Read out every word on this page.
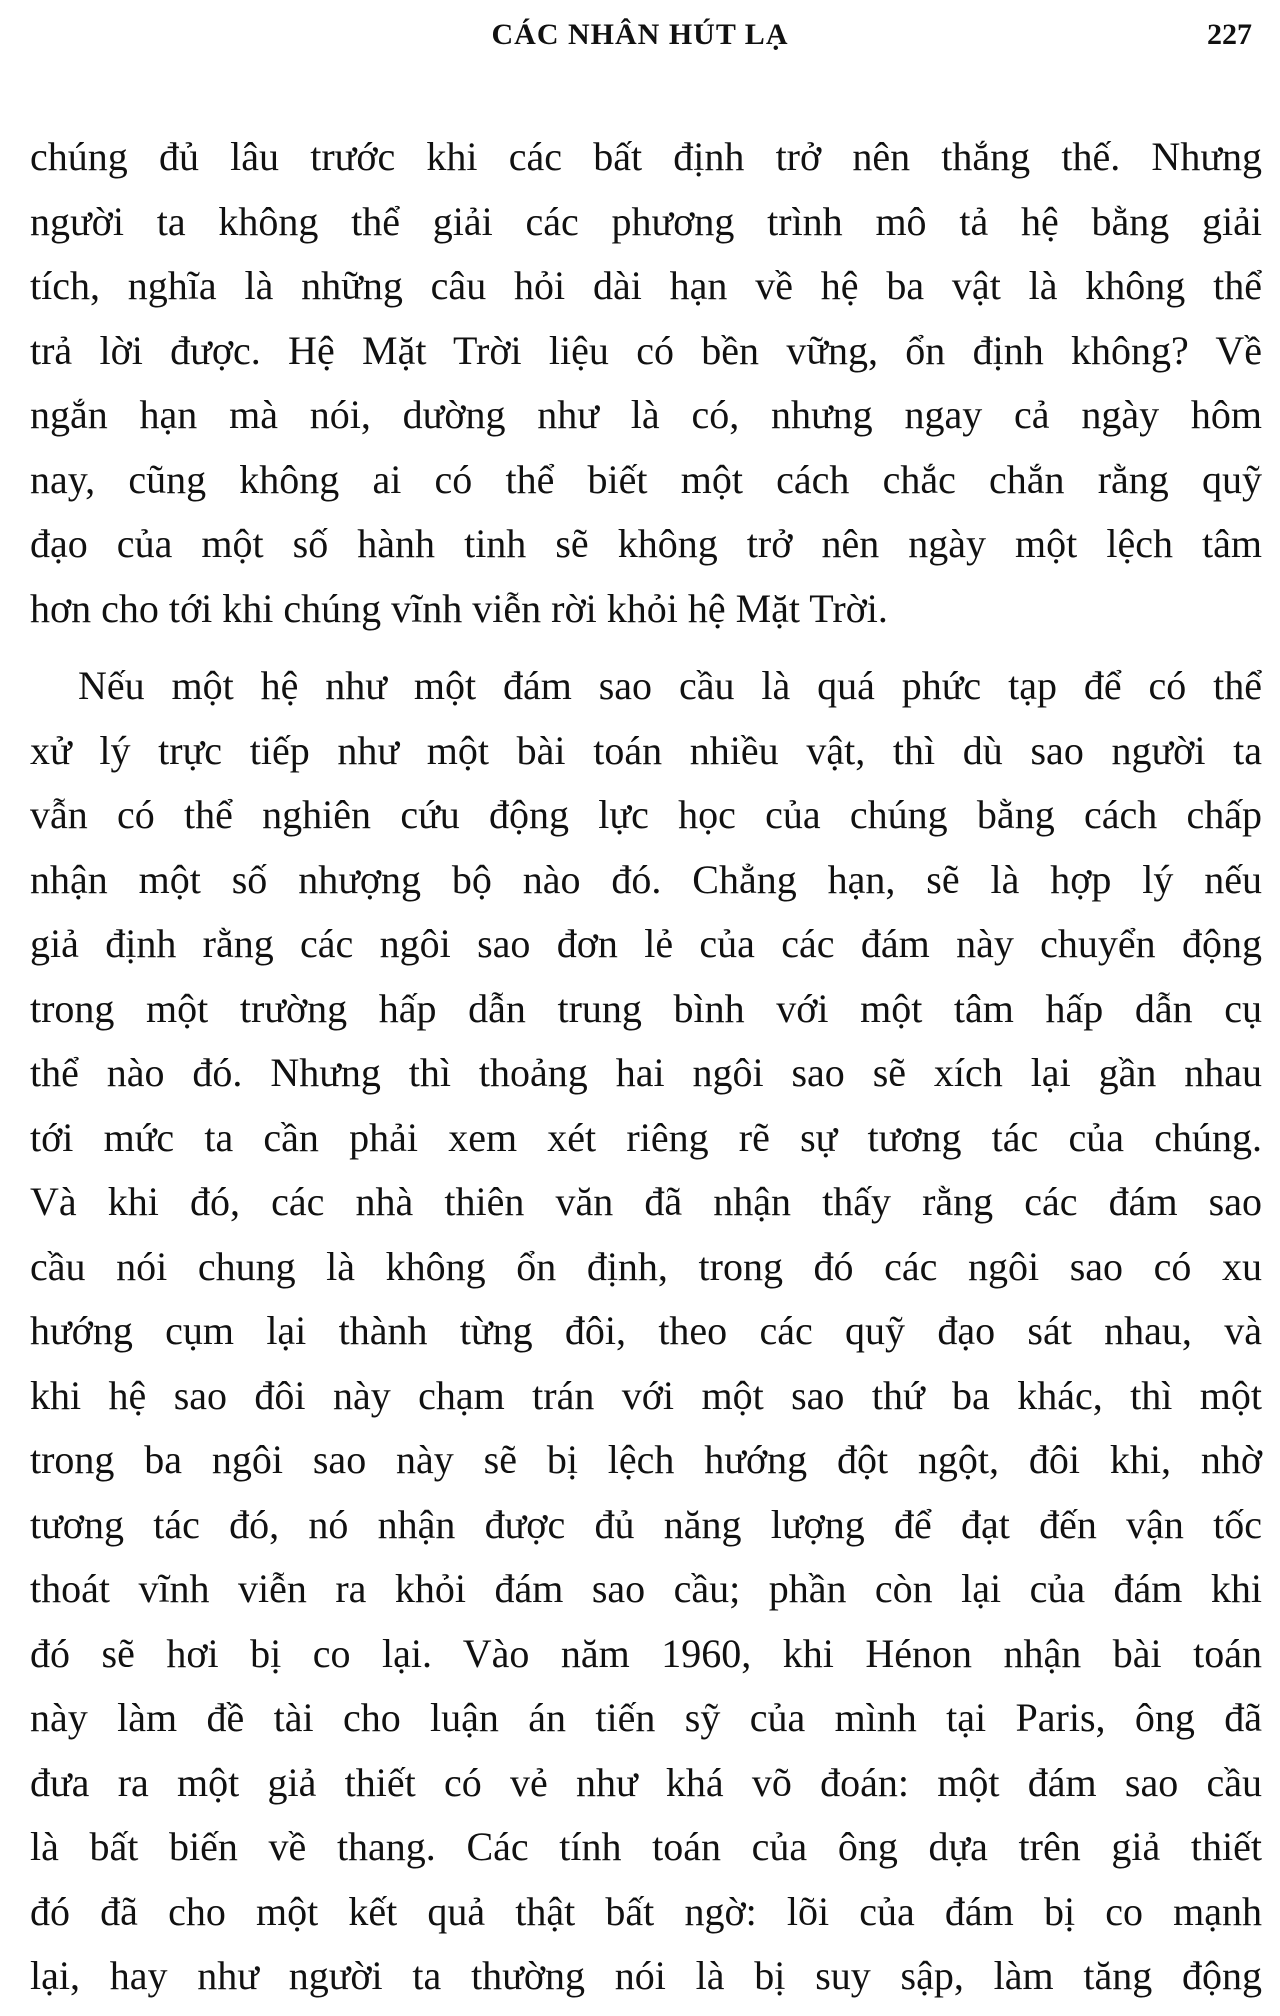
CÁC NHÂN HÚT LẠ	227
chúng đủ lâu trước khi các bất định trở nên thắng thế. Nhưng
người ta không thể giải các phương trình mô tả hệ bằng giải
tích, nghĩa là những câu hỏi dài hạn về hệ ba vật là không thể
trả lời được. Hệ Mặt Trời liệu có bền vững, ổn định không? Về
ngắn hạn mà nói, dường như là có, nhưng ngay cả ngày hôm
nay, cũng không ai có thể biết một cách chắc chắn rằng quỹ
đạo của một số hành tinh sẽ không trở nên ngày một lệch tâm
hơn cho tới khi chúng vĩnh viễn rời khỏi hệ Mặt Trời.
Nếu một hệ như một đám sao cầu là quá phức tạp để có thể
xử lý trực tiếp như một bài toán nhiều vật, thì dù sao người ta
vẫn có thể nghiên cứu động lực học của chúng bằng cách chấp
nhận một số nhượng bộ nào đó. Chẳng hạn, sẽ là hợp lý nếu
giả định rằng các ngôi sao đơn lẻ của các đám này chuyển động
trong một trường hấp dẫn trung bình với một tâm hấp dẫn cụ
thể nào đó. Nhưng thì thoảng hai ngôi sao sẽ xích lại gần nhau
tới mức ta cần phải xem xét riêng rẽ sự tương tác của chúng.
Và khi đó, các nhà thiên văn đã nhận thấy rằng các đám sao
cầu nói chung là không ổn định, trong đó các ngôi sao có xu
hướng cụm lại thành từng đôi, theo các quỹ đạo sát nhau, và
khi hệ sao đôi này chạm trán với một sao thứ ba khác, thì một
trong ba ngôi sao này sẽ bị lệch hướng đột ngột, đôi khi, nhờ
tương tác đó, nó nhận được đủ năng lượng để đạt đến vận tốc
thoát vĩnh viễn ra khỏi đám sao cầu; phần còn lại của đám khi
đó sẽ hơi bị co lại. Vào năm 1960, khi Hénon nhận bài toán
này làm đề tài cho luận án tiến sỹ của mình tại Paris, ông đã
đưa ra một giả thiết có vẻ như khá võ đoán: một đám sao cầu
là bất biến về thang. Các tính toán của ông dựa trên giả thiết
đó đã cho một kết quả thật bất ngờ: lõi của đám bị co mạnh
lại, hay như người ta thường nói là bị suy sập, làm tăng động
